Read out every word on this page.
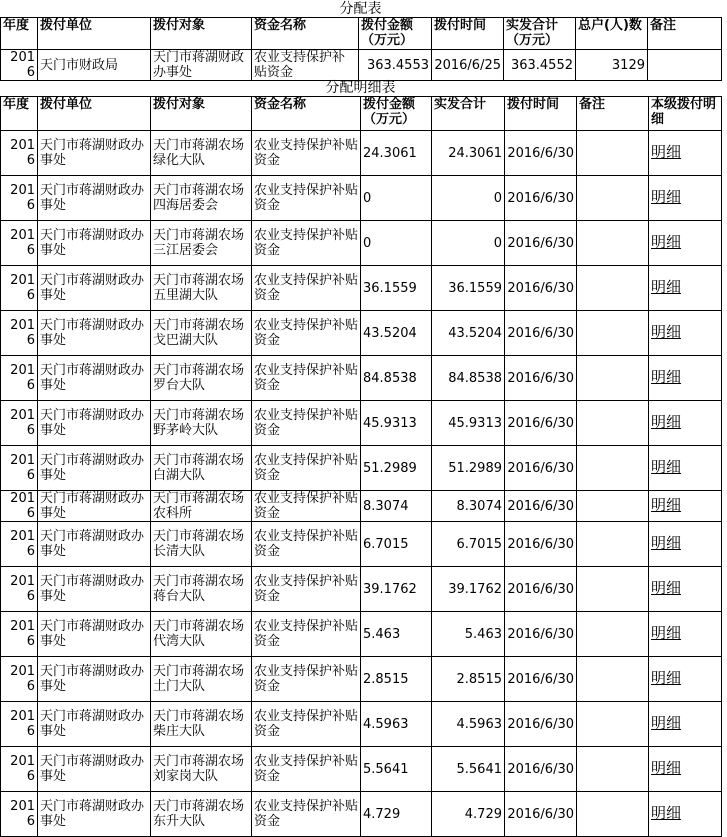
分配表
年度	拨付单位	拨付对象	资金名称	拨付金额（万元）	拨付时间	实发合计（万元）	总户(人)数	备注
2016	天门市财政局	天门市蒋湖财政办事处	农业支持保护补贴资金	363.4553	2016/6/25	363.4552	3129	
分配明细表
年度	拨付单位	拨付对象	资金名称	拨付金额（万元）	实发合计	拨付时间	备注	本级拨付明细
2016	天门市蒋湖财政办事处	天门市蒋湖农场绿化大队	农业支持保护补贴资金	24.3061	24.3061	2016/6/30		明细
2016	天门市蒋湖财政办事处	天门市蒋湖农场四海居委会	农业支持保护补贴资金	0	0	2016/6/30		明细
2016	天门市蒋湖财政办事处	天门市蒋湖农场三江居委会	农业支持保护补贴资金	0	0	2016/6/30		明细
2016	天门市蒋湖财政办事处	天门市蒋湖农场五里湖大队	农业支持保护补贴资金	36.1559	36.1559	2016/6/30		明细
2016	天门市蒋湖财政办事处	天门市蒋湖农场戈巴湖大队	农业支持保护补贴资金	43.5204	43.5204	2016/6/30		明细
2016	天门市蒋湖财政办事处	天门市蒋湖农场罗台大队	农业支持保护补贴资金	84.8538	84.8538	2016/6/30		明细
2016	天门市蒋湖财政办事处	天门市蒋湖农场野茅岭大队	农业支持保护补贴资金	45.9313	45.9313	2016/6/30		明细
2016	天门市蒋湖财政办事处	天门市蒋湖农场白湖大队	农业支持保护补贴资金	51.2989	51.2989	2016/6/30		明细
2016	天门市蒋湖财政办事处	天门市蒋湖农场农科所	农业支持保护补贴资金	8.3074	8.3074	2016/6/30		明细
2016	天门市蒋湖财政办事处	天门市蒋湖农场长清大队	农业支持保护补贴资金	6.7015	6.7015	2016/6/30		明细
2016	天门市蒋湖财政办事处	天门市蒋湖农场蒋台大队	农业支持保护补贴资金	39.1762	39.1762	2016/6/30		明细
2016	天门市蒋湖财政办事处	天门市蒋湖农场代湾大队	农业支持保护补贴资金	5.463	5.463	2016/6/30		明细
2016	天门市蒋湖财政办事处	天门市蒋湖农场土门大队	农业支持保护补贴资金	2.8515	2.8515	2016/6/30		明细
2016	天门市蒋湖财政办事处	天门市蒋湖农场柴庄大队	农业支持保护补贴资金	4.5963	4.5963	2016/6/30		明细
2016	天门市蒋湖财政办事处	天门市蒋湖农场刘家岗大队	农业支持保护补贴资金	5.5641	5.5641	2016/6/30		明细
2016	天门市蒋湖财政办事处	天门市蒋湖农场东升大队	农业支持保护补贴资金	4.729	4.729	2016/6/30		明细
